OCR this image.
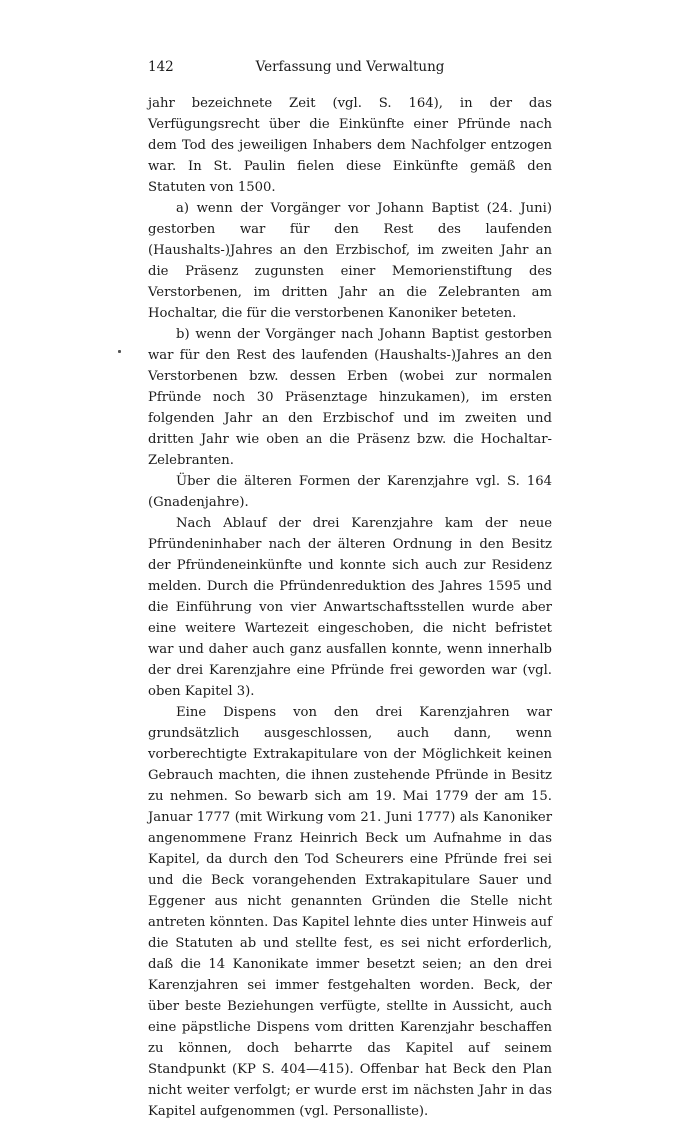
142	Verfassung und Verwaltung

jahr bezeichnete Zeit (vgl. S. 164), in der das Verfügungsrecht über die Einkünfte einer Pfründe nach dem Tod des jeweiligen Inhabers dem Nachfolger entzogen war. In St. Paulin fielen diese Einkünfte gemäß den Statuten von 1500.

a) wenn der Vorgänger vor Johann Baptist (24. Juni) gestorben war für den Rest des laufenden (Haushalts-)Jahres an den Erzbischof, im zweiten Jahr an die Präsenz zugunsten einer Memorienstiftung des Verstorbenen, im dritten Jahr an die Zelebranten am Hochaltar, die für die verstorbenen Kanoniker beteten.

b) wenn der Vorgänger nach Johann Baptist gestorben war für den Rest des laufenden (Haushalts-)Jahres an den Verstorbenen bzw. dessen Erben (wobei zur normalen Pfründe noch 30 Präsenztage hinzukamen), im ersten folgenden Jahr an den Erzbischof und im zweiten und dritten Jahr wie oben an die Präsenz bzw. die Hochaltar-Zelebranten.

Über die älteren Formen der Karenzjahre vgl. S. 164 (Gnadenjahre).

Nach Ablauf der drei Karenzjahre kam der neue Pfründeninhaber nach der älteren Ordnung in den Besitz der Pfründeneinkünfte und konnte sich auch zur Residenz melden. Durch die Pfründenreduktion des Jahres 1595 und die Einführung von vier Anwartschaftsstellen wurde aber eine weitere Wartezeit eingeschoben, die nicht befristet war und daher auch ganz ausfallen konnte, wenn innerhalb der drei Karenzjahre eine Pfründe frei geworden war (vgl. oben Kapitel 3).

Eine Dispens von den drei Karenzjahren war grundsätzlich ausgeschlossen, auch dann, wenn vorberechtigte Extrakapitulare von der Möglichkeit keinen Gebrauch machten, die ihnen zustehende Pfründe in Besitz zu nehmen. So bewarb sich am 19. Mai 1779 der am 15. Januar 1777 (mit Wirkung vom 21. Juni 1777) als Kanoniker angenommene Franz Heinrich Beck um Aufnahme in das Kapitel, da durch den Tod Scheurers eine Pfründe frei sei und die Beck vorangehenden Extrakapitulare Sauer und Eggener aus nicht genannten Gründen die Stelle nicht antreten könnten. Das Kapitel lehnte dies unter Hinweis auf die Statuten ab und stellte fest, es sei nicht erforderlich, daß die 14 Kanonikate immer besetzt seien; an den drei Karenzjahren sei immer festgehalten worden. Beck, der über beste Beziehungen verfügte, stellte in Aussicht, auch eine päpstliche Dispens vom dritten Karenzjahr beschaffen zu können, doch beharrte das Kapitel auf seinem Standpunkt (KP S. 404—415). Offenbar hat Beck den Plan nicht weiter verfolgt; er wurde erst im nächsten Jahr in das Kapitel aufgenommen (vgl. Personalliste).
